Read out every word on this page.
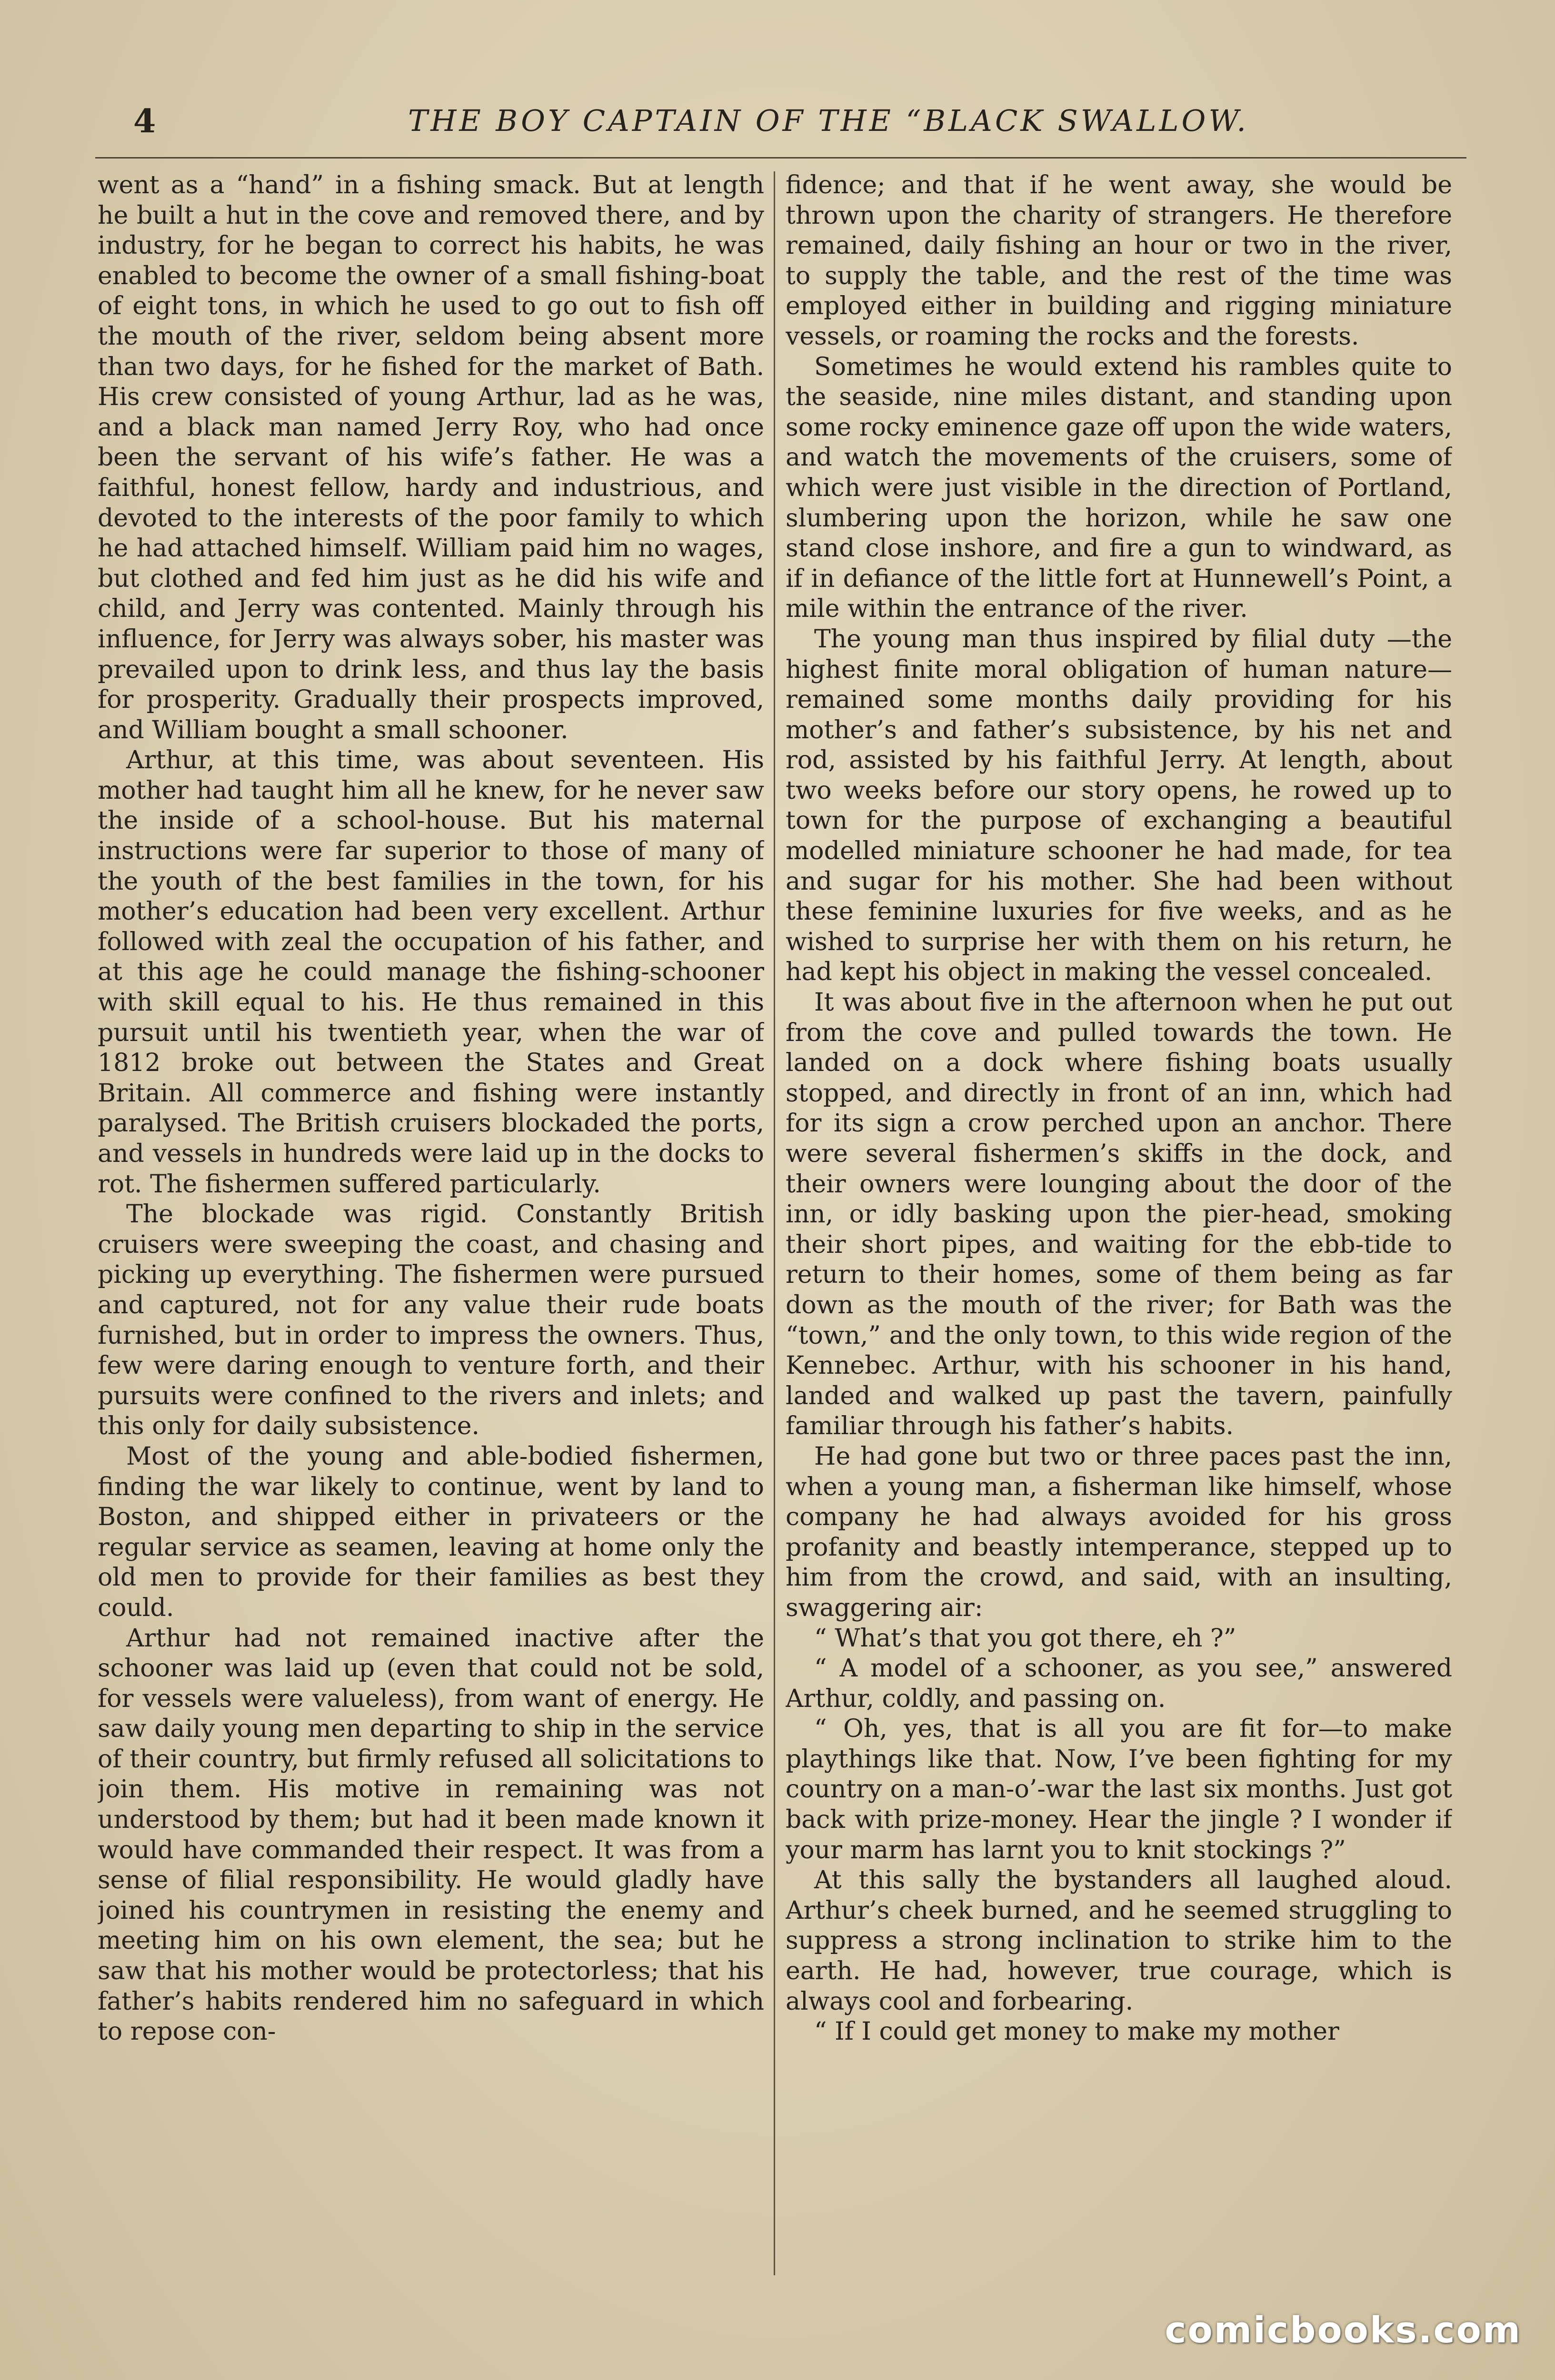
4	THE BOY CAPTAIN OF THE “BLACK SWALLOW.

went as a “hand” in a fishing smack. But at length he built a hut in the cove and removed there, and by industry, for he began to correct his habits, he was enabled to become the owner of a small fishing-boat of eight tons, in which he used to go out to fish off the mouth of the river, seldom being absent more than two days, for he fished for the market of Bath. His crew consisted of young Arthur, lad as he was, and a black man named Jerry Roy, who had once been the servant of his wife’s father. He was a faithful, honest fellow, hardy and industrious, and devoted to the interests of the poor family to which he had attached himself. William paid him no wages, but clothed and fed him just as he did his wife and child, and Jerry was contented. Mainly through his influence, for Jerry was always sober, his master was prevailed upon to drink less, and thus lay the basis for prosperity. Gradually their prospects improved, and William bought a small schooner.

Arthur, at this time, was about seventeen. His mother had taught him all he knew, for he never saw the inside of a school-house. But his maternal instructions were far superior to those of many of the youth of the best families in the town, for his mother’s education had been very excellent. Arthur followed with zeal the occupation of his father, and at this age he could manage the fishing-schooner with skill equal to his. He thus remained in this pursuit until his twentieth year, when the war of 1812 broke out between the States and Great Britain. All commerce and fishing were instantly paralysed. The British cruisers blockaded the ports, and vessels in hundreds were laid up in the docks to rot. The fishermen suffered particularly.

The blockade was rigid. Constantly British cruisers were sweeping the coast, and chasing and picking up everything. The fishermen were pursued and captured, not for any value their rude boats furnished, but in order to impress the owners. Thus, few were daring enough to venture forth, and their pursuits were confined to the rivers and inlets; and this only for daily subsistence.

Most of the young and able-bodied fishermen, finding the war likely to continue, went by land to Boston, and shipped either in privateers or the regular service as seamen, leaving at home only the old men to provide for their families as best they could.

Arthur had not remained inactive after the schooner was laid up (even that could not be sold, for vessels were valueless), from want of energy. He saw daily young men departing to ship in the service of their country, but firmly refused all solicitations to join them. His motive in remaining was not understood by them; but had it been made known it would have commanded their respect. It was from a sense of filial responsibility. He would gladly have joined his countrymen in resisting the enemy and meeting him on his own element, the sea; but he saw that his mother would be protectorless; that his father’s habits rendered him no safeguard in which to repose con-

fidence; and that if he went away, she would be thrown upon the charity of strangers. He therefore remained, daily fishing an hour or two in the river, to supply the table, and the rest of the time was employed either in building and rigging miniature vessels, or roaming the rocks and the forests.

Sometimes he would extend his rambles quite to the seaside, nine miles distant, and standing upon some rocky eminence gaze off upon the wide waters, and watch the movements of the cruisers, some of which were just visible in the direction of Portland, slumbering upon the horizon, while he saw one stand close inshore, and fire a gun to windward, as if in defiance of the little fort at Hunnewell’s Point, a mile within the entrance of the river.

The young man thus inspired by filial duty —the highest finite moral obligation of human nature—remained some months daily providing for his mother’s and father’s subsistence, by his net and rod, assisted by his faithful Jerry. At length, about two weeks before our story opens, he rowed up to town for the purpose of exchanging a beautiful modelled miniature schooner he had made, for tea and sugar for his mother. She had been without these feminine luxuries for five weeks, and as he wished to surprise her with them on his return, he had kept his object in making the vessel concealed.

It was about five in the afternoon when he put out from the cove and pulled towards the town. He landed on a dock where fishing boats usually stopped, and directly in front of an inn, which had for its sign a crow perched upon an anchor. There were several fishermen’s skiffs in the dock, and their owners were lounging about the door of the inn, or idly basking upon the pier-head, smoking their short pipes, and waiting for the ebb-tide to return to their homes, some of them being as far down as the mouth of the river; for Bath was the “town,” and the only town, to this wide region of the Kennebec. Arthur, with his schooner in his hand, landed and walked up past the tavern, painfully familiar through his father’s habits.

He had gone but two or three paces past the inn, when a young man, a fisherman like himself, whose company he had always avoided for his gross profanity and beastly intemperance, stepped up to him from the crowd, and said, with an insulting, swaggering air:

“ What’s that you got there, eh ?”

“ A model of a schooner, as you see,” answered Arthur, coldly, and passing on.

“ Oh, yes, that is all you are fit for—to make playthings like that. Now, I’ve been fighting for my country on a man-o’-war the last six months. Just got back with prize-money. Hear the jingle ? I wonder if your marm has larnt you to knit stockings ?”

At this sally the bystanders all laughed aloud. Arthur’s cheek burned, and he seemed struggling to suppress a strong inclination to strike him to the earth. He had, however, true courage, which is always cool and forbearing.

“ If I could get money to make my mother

comicbooks.com
